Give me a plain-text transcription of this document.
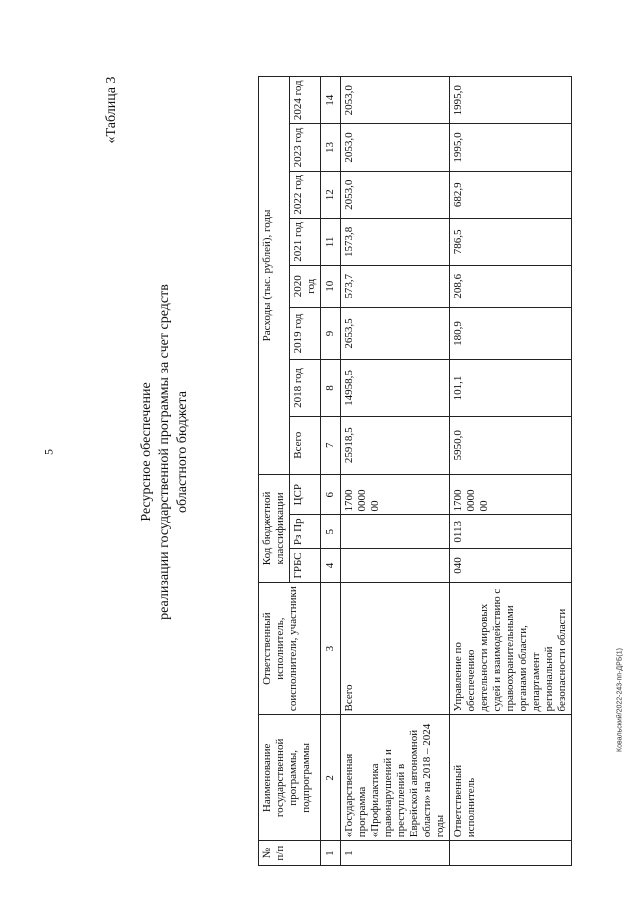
5	Ресурсное обеспечение реализации государственной программы за счет средств областного бюджета
«Таблица 3
Ковальский/2022-243-пп-ДРБ(1)
№ п/п	Наименование государственной программы, подпрограммы	Ответственный исполнитель, соисполнители, участники	Код бюджетной классификации			Расходы (тыс. рублей), годы							
			ГРБС	Рз Пр	ЦСР	Всего	2018 год	2019 год	2020 год	2021 год	2022 год	2023 год	2024 год
1	2	3	4	5	6	7	8	9	10	11	12	13	14
1	«Государственная программа «Профилактика правонарушений и преступлений в Еврейской автономной области» на 2018 – 2024 годы	Всего			1700 0000 00	25918,5	14958,5	2653,5	573,7	1573,8	2053,0	2053,0	2053,0
	Ответственный исполнитель	Управление по обеспечению деятельности мировых судей и взаимодействию с правоохранительными органами области, департамент региональной безопасности области	040	0113	1700 0000 00	5950,0	101,1	180,9	208,6	786,5	682,9	1995,0	1995,0
